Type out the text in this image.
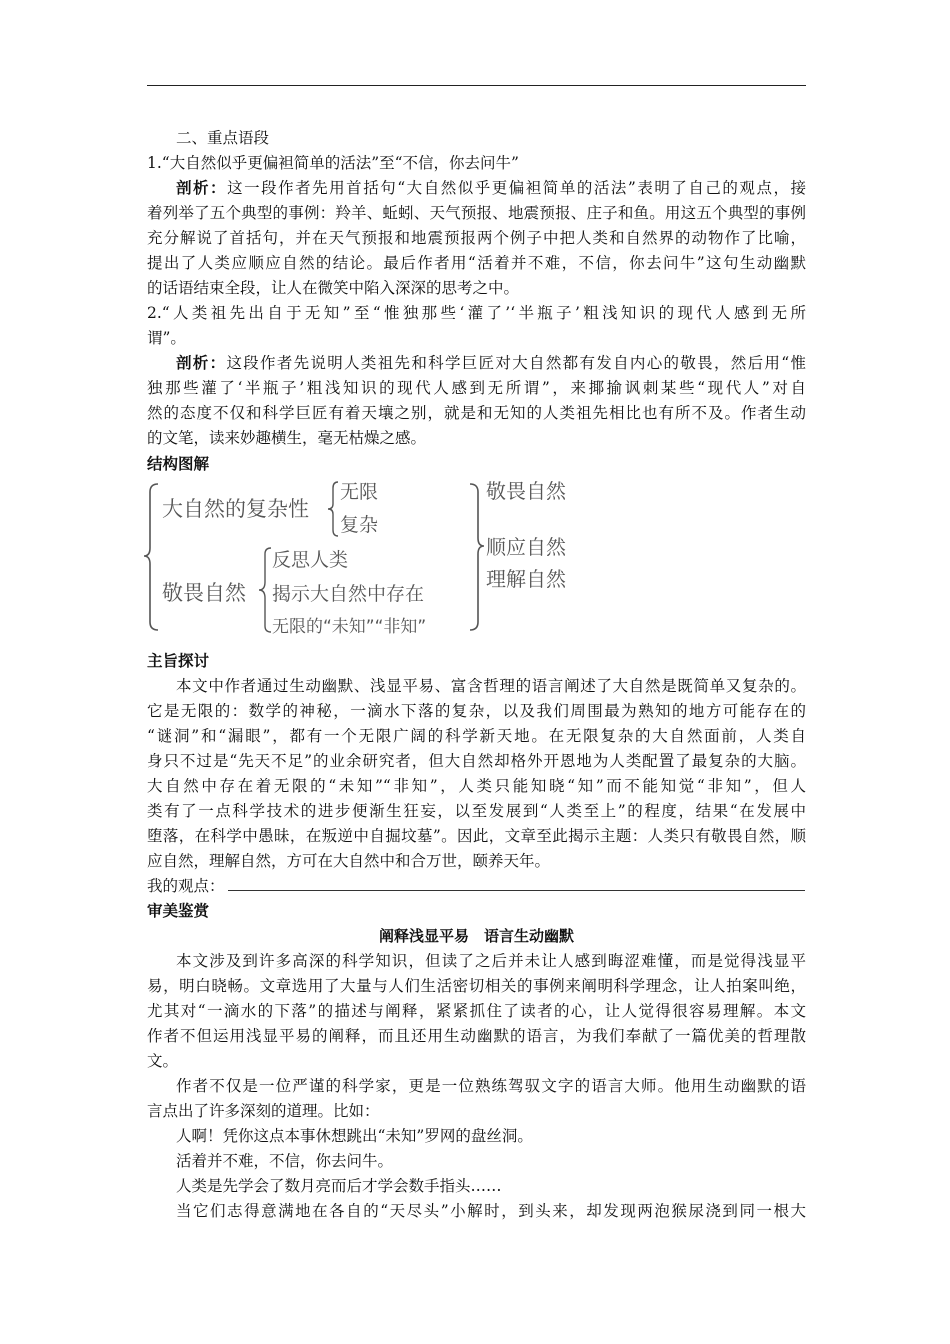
二、重点语段
1.“大自然似乎更偏袒简单的活法”至“不信，你去问牛”
剖析：这一段作者先用首括句“大自然似乎更偏袒简单的活法”表明了自己的观点，接
着列举了五个典型的事例：羚羊、蚯蚓、天气预报、地震预报、庄子和鱼。用这五个典型的事例
充分解说了首括句，并在天气预报和地震预报两个例子中把人类和自然界的动物作了比喻，
提出了人类应顺应自然的结论。最后作者用“活着并不难，不信，你去问牛”这句生动幽默
的话语结束全段，让人在微笑中陷入深深的思考之中。
2.“人类祖先出自于无知”至“惟独那些‘灌了’‘半瓶子’粗浅知识的现代人感到无所
谓”。
剖析：这段作者先说明人类祖先和科学巨匠对大自然都有发自内心的敬畏，然后用“惟
独那些灌了‘半瓶子’粗浅知识的现代人感到无所谓”，来揶揄讽刺某些“现代人”对自
然的态度不仅和科学巨匠有着天壤之别，就是和无知的人类祖先相比也有所不及。作者生动
的文笔，读来妙趣横生，毫无枯燥之感。
结构图解
大自然的复杂性
无限
复杂
敬畏自然
反思人类
揭示大自然中存在
无限的“未知”“非知”
敬畏自然
顺应自然
理解自然
主旨探讨
本文中作者通过生动幽默、浅显平易、富含哲理的语言阐述了大自然是既简单又复杂的。
它是无限的：数学的神秘，一滴水下落的复杂，以及我们周围最为熟知的地方可能存在的
“谜洞”和“漏眼”，都有一个无限广阔的科学新天地。在无限复杂的大自然面前，人类自
身只不过是“先天不足”的业余研究者，但大自然却格外开恩地为人类配置了最复杂的大脑。
大自然中存在着无限的“未知”“非知”，人类只能知晓“知”而不能知觉“非知”，但人
类有了一点科学技术的进步便渐生狂妄，以至发展到“人类至上”的程度，结果“在发展中
堕落，在科学中愚昧，在叛逆中自掘坟墓”。因此，文章至此揭示主题：人类只有敬畏自然，顺
应自然，理解自然，方可在大自然中和合万世，颐养天年。
我的观点：
审美鉴赏
阐释浅显平易　语言生动幽默
本文涉及到许多高深的科学知识，但读了之后并未让人感到晦涩难懂，而是觉得浅显平
易，明白晓畅。文章选用了大量与人们生活密切相关的事例来阐明科学理念，让人拍案叫绝，
尤其对“一滴水的下落”的描述与阐释，紧紧抓住了读者的心，让人觉得很容易理解。本文
作者不但运用浅显平易的阐释，而且还用生动幽默的语言，为我们奉献了一篇优美的哲理散
文。
作者不仅是一位严谨的科学家，更是一位熟练驾驭文字的语言大师。他用生动幽默的语
言点出了许多深刻的道理。比如：
人啊！凭你这点本事休想跳出“未知”罗网的盘丝洞。
活着并不难，不信，你去问牛。
人类是先学会了数月亮而后才学会数手指头……
当它们志得意满地在各自的“天尽头”小解时，到头来，却发现两泡猴尿浇到同一根大
